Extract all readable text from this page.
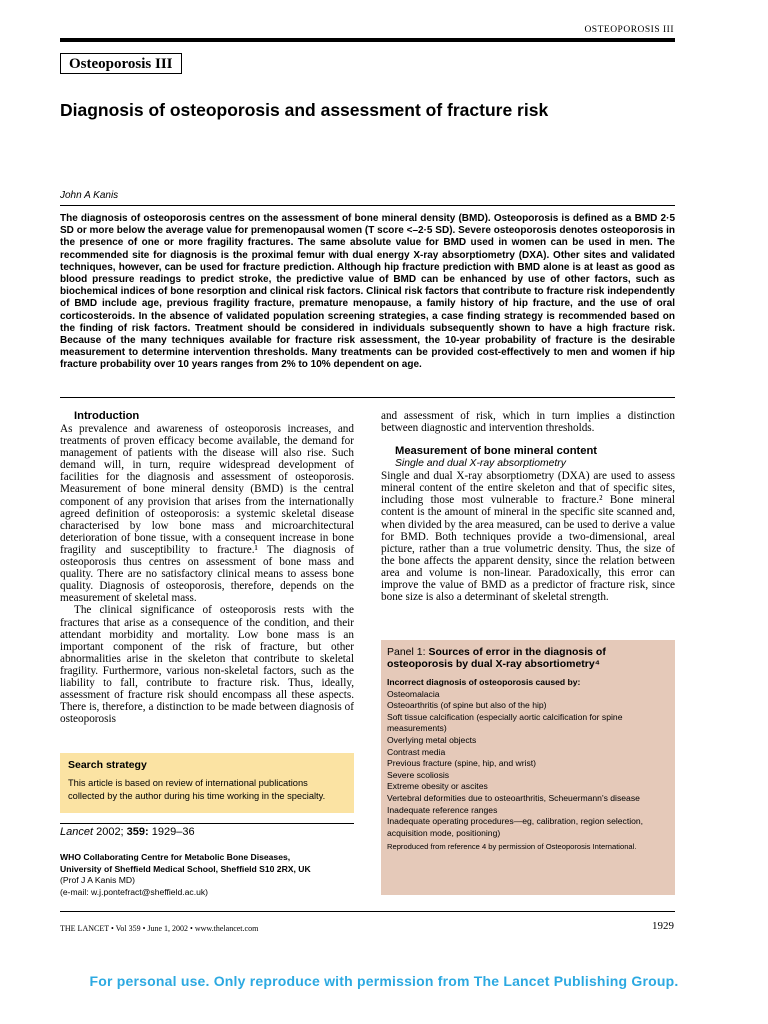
OSTEOPOROSIS III
Osteoporosis III
Diagnosis of osteoporosis and assessment of fracture risk
John A Kanis
The diagnosis of osteoporosis centres on the assessment of bone mineral density (BMD). Osteoporosis is defined as a BMD 2·5 SD or more below the average value for premenopausal women (T score <–2·5 SD). Severe osteoporosis denotes osteoporosis in the presence of one or more fragility fractures. The same absolute value for BMD used in women can be used in men. The recommended site for diagnosis is the proximal femur with dual energy X-ray absorptiometry (DXA). Other sites and validated techniques, however, can be used for fracture prediction. Although hip fracture prediction with BMD alone is at least as good as blood pressure readings to predict stroke, the predictive value of BMD can be enhanced by use of other factors, such as biochemical indices of bone resorption and clinical risk factors. Clinical risk factors that contribute to fracture risk independently of BMD include age, previous fragility fracture, premature menopause, a family history of hip fracture, and the use of oral corticosteroids. In the absence of validated population screening strategies, a case finding strategy is recommended based on the finding of risk factors. Treatment should be considered in individuals subsequently shown to have a high fracture risk. Because of the many techniques available for fracture risk assessment, the 10-year probability of fracture is the desirable measurement to determine intervention thresholds. Many treatments can be provided cost-effectively to men and women if hip fracture probability over 10 years ranges from 2% to 10% dependent on age.

Introduction

As prevalence and awareness of osteoporosis increases, and treatments of proven efficacy become available, the demand for management of patients with the disease will also rise. Such demand will, in turn, require widespread development of facilities for the diagnosis and assessment of osteoporosis. Measurement of bone mineral density (BMD) is the central component of any provision that arises from the internationally agreed definition of osteoporosis: a systemic skeletal disease characterised by low bone mass and microarchitectural deterioration of bone tissue, with a consequent increase in bone fragility and susceptibility to fracture.¹ The diagnosis of osteoporosis thus centres on assessment of bone mass and quality. There are no satisfactory clinical means to assess bone quality. Diagnosis of osteoporosis, therefore, depends on the measurement of skeletal mass.

The clinical significance of osteoporosis rests with the fractures that arise as a consequence of the condition, and their attendant morbidity and mortality. Low bone mass is an important component of the risk of fracture, but other abnormalities arise in the skeleton that contribute to skeletal fragility. Furthermore, various non-skeletal factors, such as the liability to fall, contribute to fracture risk. Thus, ideally, assessment of fracture risk should encompass all these aspects. There is, therefore, a distinction to be made between diagnosis of osteoporosis

and assessment of risk, which in turn implies a distinction between diagnostic and intervention thresholds.

Measurement of bone mineral content

Single and dual X-ray absorptiometry

Single and dual X-ray absorptiometry (DXA) are used to assess mineral content of the entire skeleton and that of specific sites, including those most vulnerable to fracture.² Bone mineral content is the amount of mineral in the specific site scanned and, when divided by the area measured, can be used to derive a value for BMD. Both techniques provide a two-dimensional, areal picture, rather than a true volumetric density. Thus, the size of the bone affects the apparent density, since the relation between area and volume is non-linear. Paradoxically, this error can improve the value of BMD as a predictor of fracture risk, since bone size is also a determinant of skeletal strength.

Search strategy

This article is based on review of international publications collected by the author during his time working in the specialty.

Lancet 2002; 359: 1929–36
WHO Collaborating Centre for Metabolic Bone Diseases,
University of Sheffield Medical School, Sheffield S10 2RX, UK
(Prof J A Kanis MD)
(e-mail: w.j.pontefract@sheffield.ac.uk)

Panel 1: Sources of error in the diagnosis of osteoporosis by dual X-ray absortiometry⁴

Incorrect diagnosis of osteoporosis caused by:

Osteomalacia

Osteoarthritis (of spine but also of the hip)

Soft tissue calcification (especially aortic calcification for spine measurements)

Overlying metal objects

Contrast media

Previous fracture (spine, hip, and wrist)

Severe scoliosis

Extreme obesity or ascites

Vertebral deformities due to osteoarthritis, Scheuermann's disease

Inadequate reference ranges

Inadequate operating procedures—eg, calibration, region selection, acquisition mode, positioning)

Reproduced from reference 4 by permission of Osteoporosis International.

THE LANCET • Vol 359 • June 1, 2002 • www.thelancet.com	1929
For personal use. Only reproduce with permission from The Lancet Publishing Group.
